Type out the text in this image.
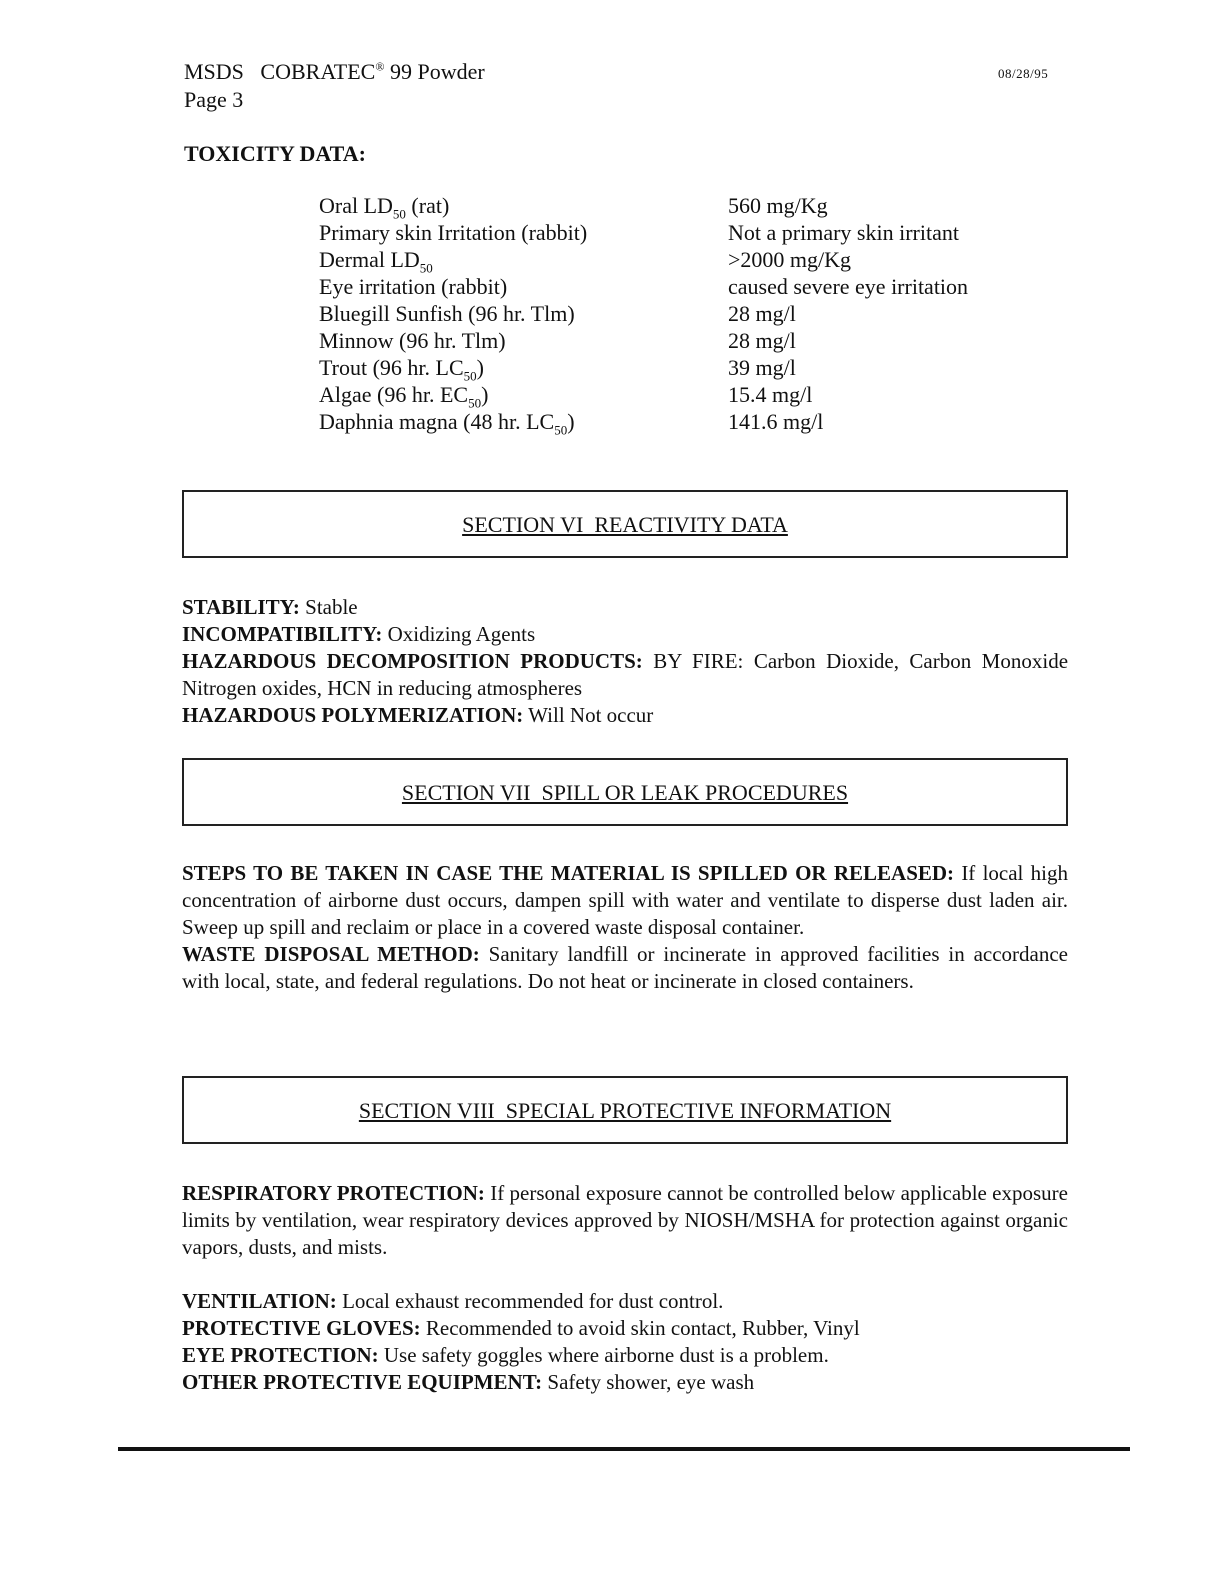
MSDS COBRATEC® 99 Powder
Page 3
08/28/95
TOXICITY DATA:
Oral $LD_{50}$ (rat)	560 mg/Kg
Primary skin Irritation (rabbit)	Not a primary skin irritant
Dermal $LD_{50}$	>2000 mg/Kg
Eye irritation (rabbit)	caused severe eye irritation
Bluegill Sunfish (96 hr. Tlm)	28 mg/l
Minnow (96 hr. Tlm)	28 mg/l
Trout (96 hr. $LC_{50}$)	39 mg/l
Algae (96 hr. $EC_{50}$)	15.4 mg/l
Daphnia magna (48 hr. $LC_{50}$)	141.6 mg/l
SECTION VI  REACTIVITY DATA
STABILITY: Stable
INCOMPATIBILITY: Oxidizing Agents
HAZARDOUS DECOMPOSITION PRODUCTS: BY FIRE: Carbon Dioxide, Carbon Monoxide Nitrogen oxides, HCN in reducing atmospheres
HAZARDOUS POLYMERIZATION: Will Not occur
SECTION VII  SPILL OR LEAK PROCEDURES
STEPS TO BE TAKEN IN CASE THE MATERIAL IS SPILLED OR RELEASED: If local high concentration of airborne dust occurs, dampen spill with water and ventilate to disperse dust laden air. Sweep up spill and reclaim or place in a covered waste disposal container.
WASTE DISPOSAL METHOD: Sanitary landfill or incinerate in approved facilities in accordance with local, state, and federal regulations. Do not heat or incinerate in closed containers.
SECTION VIII  SPECIAL PROTECTIVE INFORMATION
RESPIRATORY PROTECTION: If personal exposure cannot be controlled below applicable exposure limits by ventilation, wear respiratory devices approved by NIOSH/MSHA for protection against organic vapors, dusts, and mists.
VENTILATION: Local exhaust recommended for dust control.
PROTECTIVE GLOVES: Recommended to avoid skin contact, Rubber, Vinyl
EYE PROTECTION: Use safety goggles where airborne dust is a problem.
OTHER PROTECTIVE EQUIPMENT: Safety shower, eye wash
